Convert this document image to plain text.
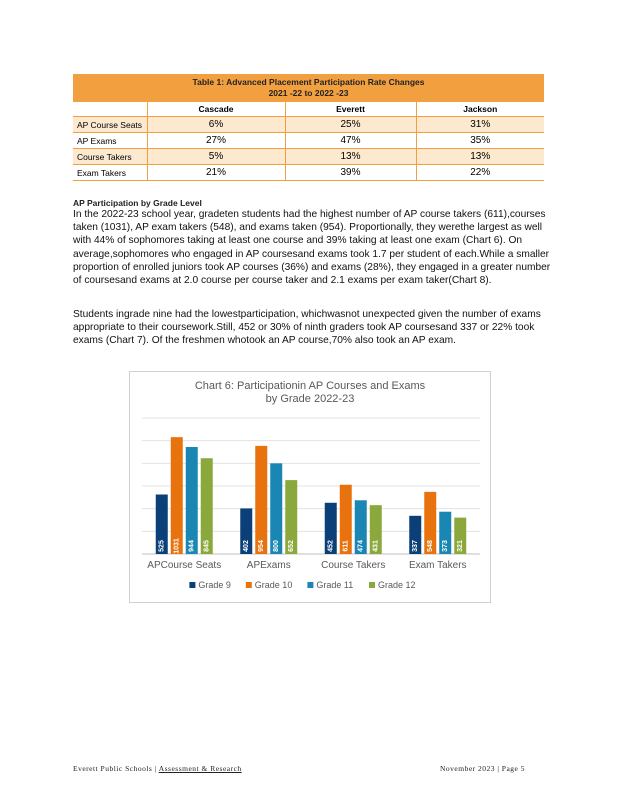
Table 1: Advanced Placement Participation Rate Changes
2021 -22 to 2022 -23			

	Cascade	Everett	Jackson
AP Course Seats	6%	25%	31%
AP Exams	27%	47%	35%
Course Takers	5%	13%	13%
Exam Takers	21%	39%	22%
AP Participation by Grade Level

In the 2022-23 school year, gradeten students had the highest number of AP course takers (611),courses taken (1031), AP exam takers (548), and exams taken (954). Proportionally, they werethe largest as well with 44% of sophomores taking at least one course and 39% taking at least one exam (Chart 6). On average,sophomores who engaged in AP coursesand exams took 1.7 per student of each.While a smaller proportion of enrolled juniors took AP courses (36%) and exams (28%), they engaged in a greater number of coursesand exams at 2.0 course per course taker and 2.1 exams per exam taker(Chart 8).

Students ingrade nine had the lowestparticipation, whichwasnot unexpected given the number of exams appropriate to their coursework.Still, 452 or 30% of ninth graders took AP coursesand 337 or 22% took exams (Chart 7). Of the freshmen whotook an AP course,70% also took an AP exam.

Chart 6: Participationin AP Courses and Exams
by Grade 2022-23
525 1031 944 845
APCourse Seats
402 954 800 652
APExams
452 611 474 431
Course Takers
337 548 373 321
Exam Takers
Grade 9	Grade 10	Grade 11	Grade 12
Everett Public Schools | Assessment & Research	November 2023 | Page 5
